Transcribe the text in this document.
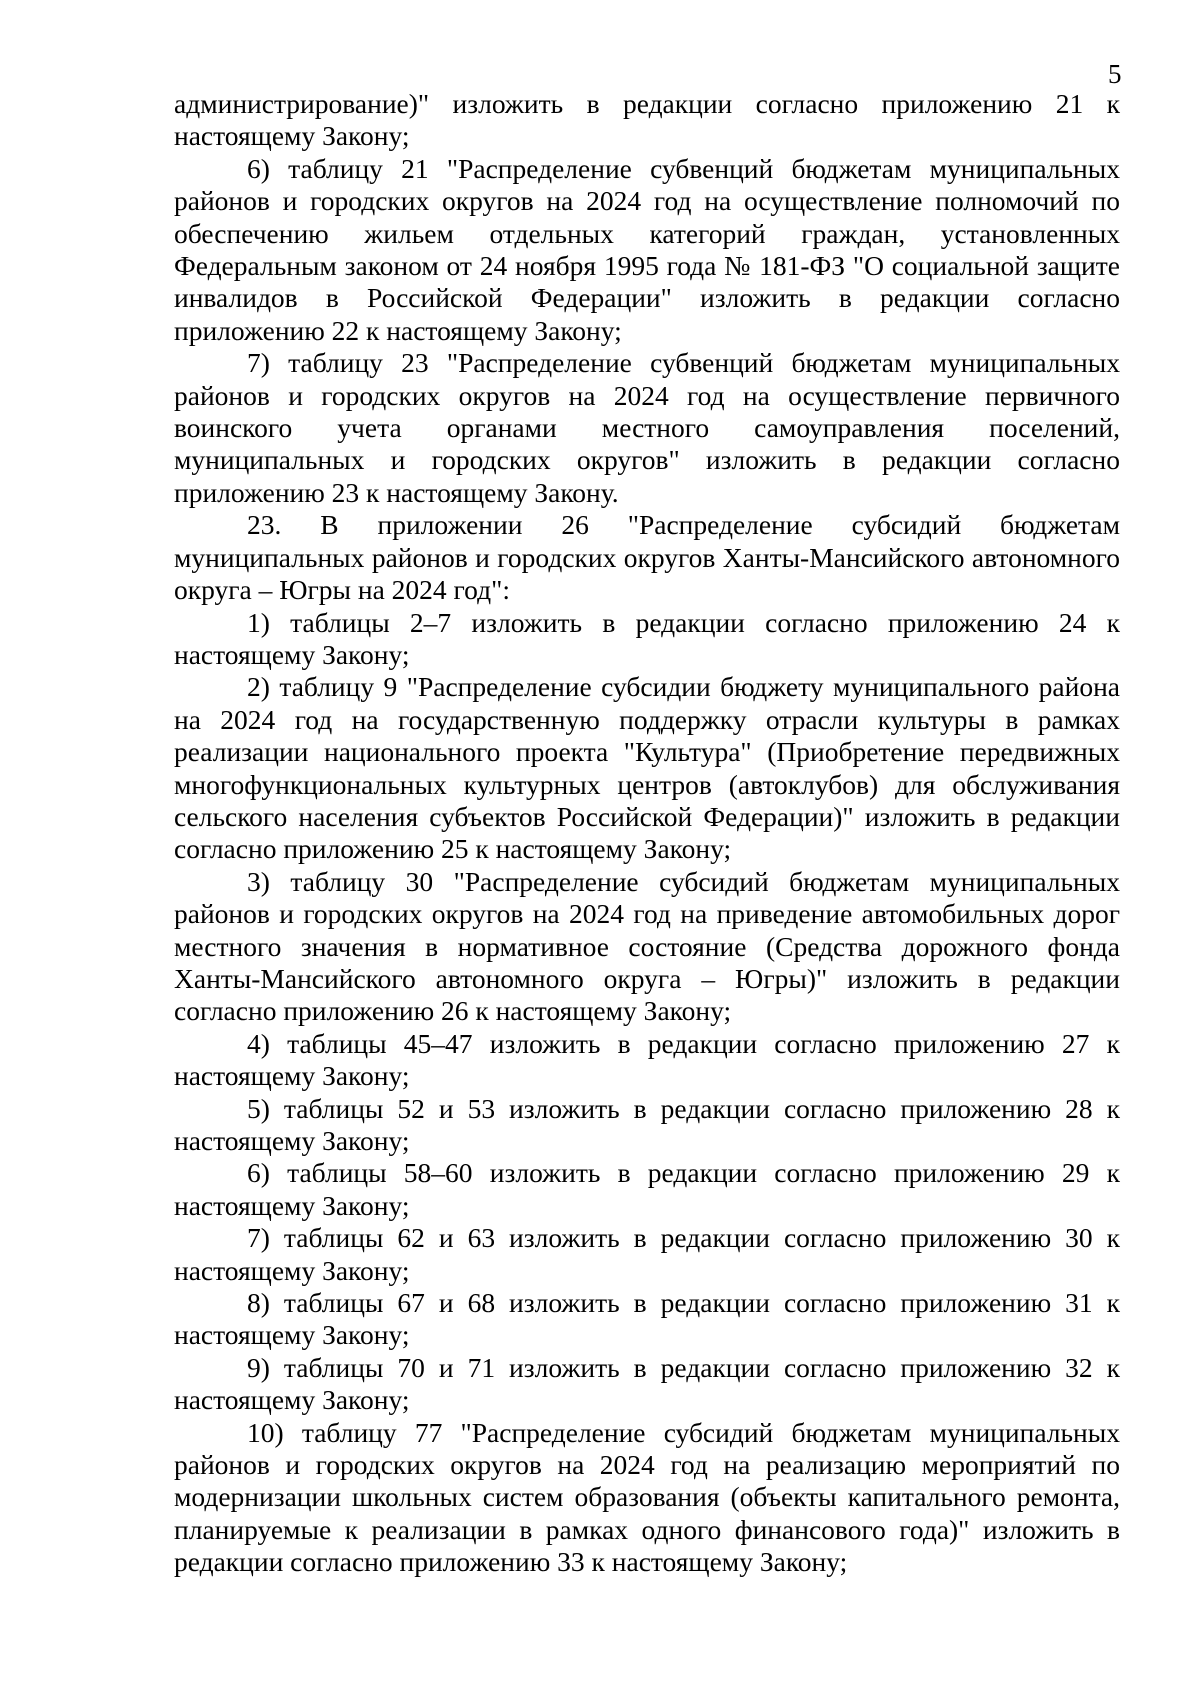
5

администрирование)" изложить в редакции согласно приложению 21 к настоящему Закону;

6) таблицу 21 "Распределение субвенций бюджетам муниципальных районов и городских округов на 2024 год на осуществление полномочий по обеспечению жильем отдельных категорий граждан, установленных Федеральным законом от 24 ноября 1995 года № 181-ФЗ "О социальной защите инвалидов в Российской Федерации" изложить в редакции согласно приложению 22 к настоящему Закону;

7) таблицу 23 "Распределение субвенций бюджетам муниципальных районов и городских округов на 2024 год на осуществление первичного воинского учета органами местного самоуправления поселений, муниципальных и городских округов" изложить в редакции согласно приложению 23 к настоящему Закону.

23. В приложении 26 "Распределение субсидий бюджетам муниципальных районов и городских округов Ханты-Мансийского автономного округа – Югры на 2024 год":

1) таблицы 2–7 изложить в редакции согласно приложению 24 к настоящему Закону;

2) таблицу 9 "Распределение субсидии бюджету муниципального района на 2024 год на государственную поддержку отрасли культуры в рамках реализации национального проекта "Культура" (Приобретение передвижных многофункциональных культурных центров (автоклубов) для обслуживания сельского населения субъектов Российской Федерации)" изложить в редакции согласно приложению 25 к настоящему Закону;

3) таблицу 30 "Распределение субсидий бюджетам муниципальных районов и городских округов на 2024 год на приведение автомобильных дорог местного значения в нормативное состояние (Средства дорожного фонда Ханты-Мансийского автономного округа – Югры)" изложить в редакции согласно приложению 26 к настоящему Закону;

4) таблицы 45–47 изложить в редакции согласно приложению 27 к настоящему Закону;

5) таблицы 52 и 53 изложить в редакции согласно приложению 28 к настоящему Закону;

6) таблицы 58–60 изложить в редакции согласно приложению 29 к настоящему Закону;

7) таблицы 62 и 63 изложить в редакции согласно приложению 30 к настоящему Закону;

8) таблицы 67 и 68 изложить в редакции согласно приложению 31 к настоящему Закону;

9) таблицы 70 и 71 изложить в редакции согласно приложению 32 к настоящему Закону;

10) таблицу 77 "Распределение субсидий бюджетам муниципальных районов и городских округов на 2024 год на реализацию мероприятий по модернизации школьных систем образования (объекты капитального ремонта, планируемые к реализации в рамках одного финансового года)" изложить в редакции согласно приложению 33 к настоящему Закону;
